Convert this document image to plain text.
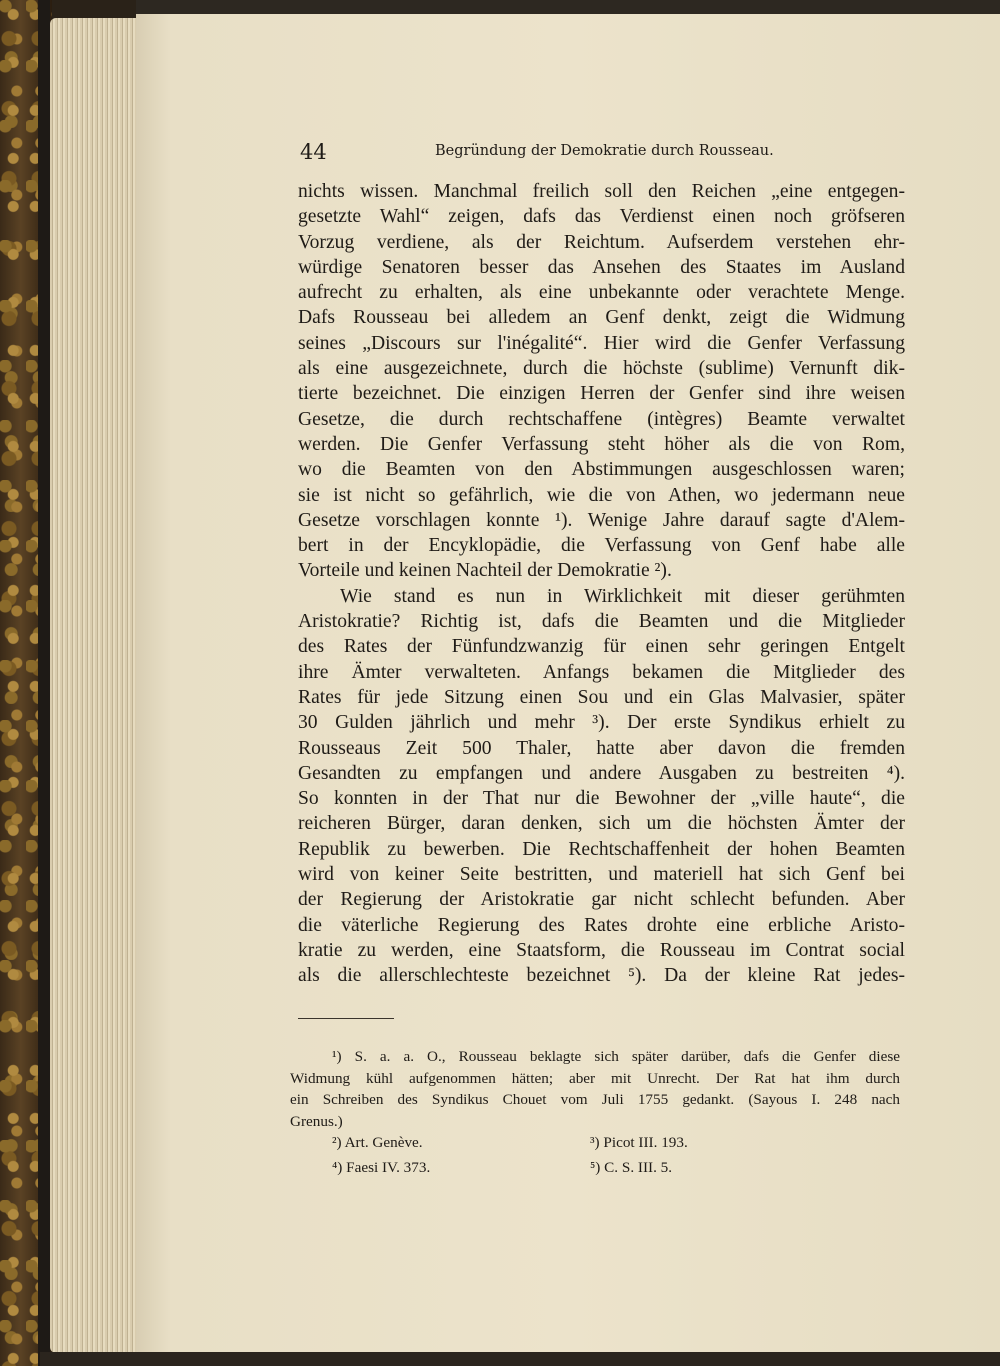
44	Begründung der Demokratie durch Rousseau.
nichts wissen. Manchmal freilich soll den Reichen „eine entgegen-
gesetzte Wahl“ zeigen, dafs das Verdienst einen noch gröfseren
Vorzug verdiene, als der Reichtum. Aufserdem verstehen ehr-
würdige Senatoren besser das Ansehen des Staates im Ausland
aufrecht zu erhalten, als eine unbekannte oder verachtete Menge.
Dafs Rousseau bei alledem an Genf denkt, zeigt die Widmung
seines „Discours sur l'inégalité“. Hier wird die Genfer Verfassung
als eine ausgezeichnete, durch die höchste (sublime) Vernunft dik-
tierte bezeichnet. Die einzigen Herren der Genfer sind ihre weisen
Gesetze, die durch rechtschaffene (intègres) Beamte verwaltet
werden. Die Genfer Verfassung steht höher als die von Rom,
wo die Beamten von den Abstimmungen ausgeschlossen waren;
sie ist nicht so gefährlich, wie die von Athen, wo jedermann neue
Gesetze vorschlagen konnte ¹). Wenige Jahre darauf sagte d'Alem-
bert in der Encyklopädie, die Verfassung von Genf habe alle
Vorteile und keinen Nachteil der Demokratie ²).
Wie stand es nun in Wirklichkeit mit dieser gerühmten
Aristokratie? Richtig ist, dafs die Beamten und die Mitglieder
des Rates der Fünfundzwanzig für einen sehr geringen Entgelt
ihre Ämter verwalteten. Anfangs bekamen die Mitglieder des
Rates für jede Sitzung einen Sou und ein Glas Malvasier, später
30 Gulden jährlich und mehr ³). Der erste Syndikus erhielt zu
Rousseaus Zeit 500 Thaler, hatte aber davon die fremden
Gesandten zu empfangen und andere Ausgaben zu bestreiten ⁴).
So konnten in der That nur die Bewohner der „ville haute“, die
reicheren Bürger, daran denken, sich um die höchsten Ämter der
Republik zu bewerben. Die Rechtschaffenheit der hohen Beamten
wird von keiner Seite bestritten, und materiell hat sich Genf bei
der Regierung der Aristokratie gar nicht schlecht befunden. Aber
die väterliche Regierung des Rates drohte eine erbliche Aristo-
kratie zu werden, eine Staatsform, die Rousseau im Contrat social
als die allerschlechteste bezeichnet ⁵). Da der kleine Rat jedes-
¹) S. a. a. O., Rousseau beklagte sich später darüber, dafs die Genfer diese
Widmung kühl aufgenommen hätten; aber mit Unrecht. Der Rat hat ihm durch
ein Schreiben des Syndikus Chouet vom Juli 1755 gedankt. (Sayous I. 248 nach
Grenus.)
²) Art. Genève.	³) Picot III. 193.
⁴) Faesi IV. 373.	⁵) C. S. III. 5.
